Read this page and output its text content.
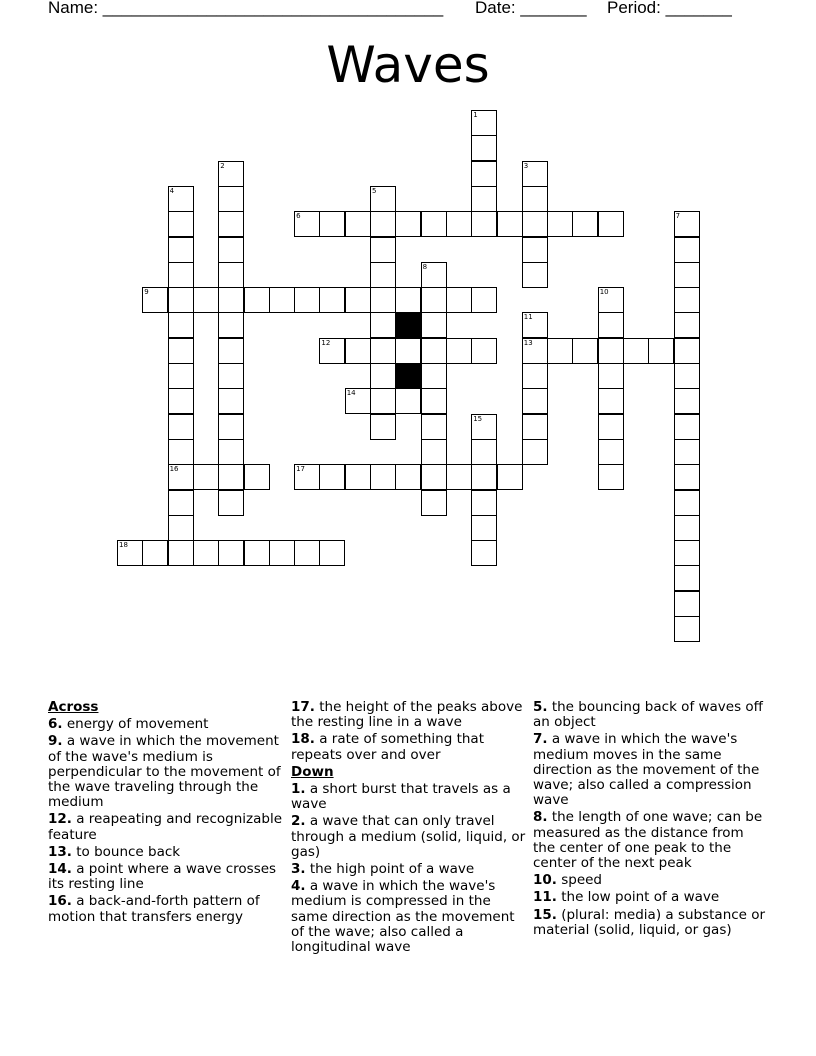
Name: ____________________________________ Date: _______ Period: _______
Waves
1
2	3
4
16
5
7
8
10
11
13
15
6
9
12
14
17
18
Across
6. energy of movement
9. a wave in which the movement of the wave's medium is perpendicular to the movement of the wave traveling through the medium
12. a reapeating and recognizable feature
13. to bounce back
14. a point where a wave crosses its resting line
16. a back-and-forth pattern of motion that transfers energy
17. the height of the peaks above the resting line in a wave
18. a rate of something that repeats over and over
Down
1. a short burst that travels as a wave
2. a wave that can only travel through a medium (solid, liquid, or gas)
3. the high point of a wave
4. a wave in which the wave's medium is compressed in the same direction as the movement of the wave; also called a longitudinal wave
5. the bouncing back of waves off an object
7. a wave in which the wave's medium moves in the same direction as the movement of the wave; also called a compression wave
8. the length of one wave; can be measured as the distance from the center of one peak to the center of the next peak
10. speed
11. the low point of a wave
15. (plural: media) a substance or material (solid, liquid, or gas)
